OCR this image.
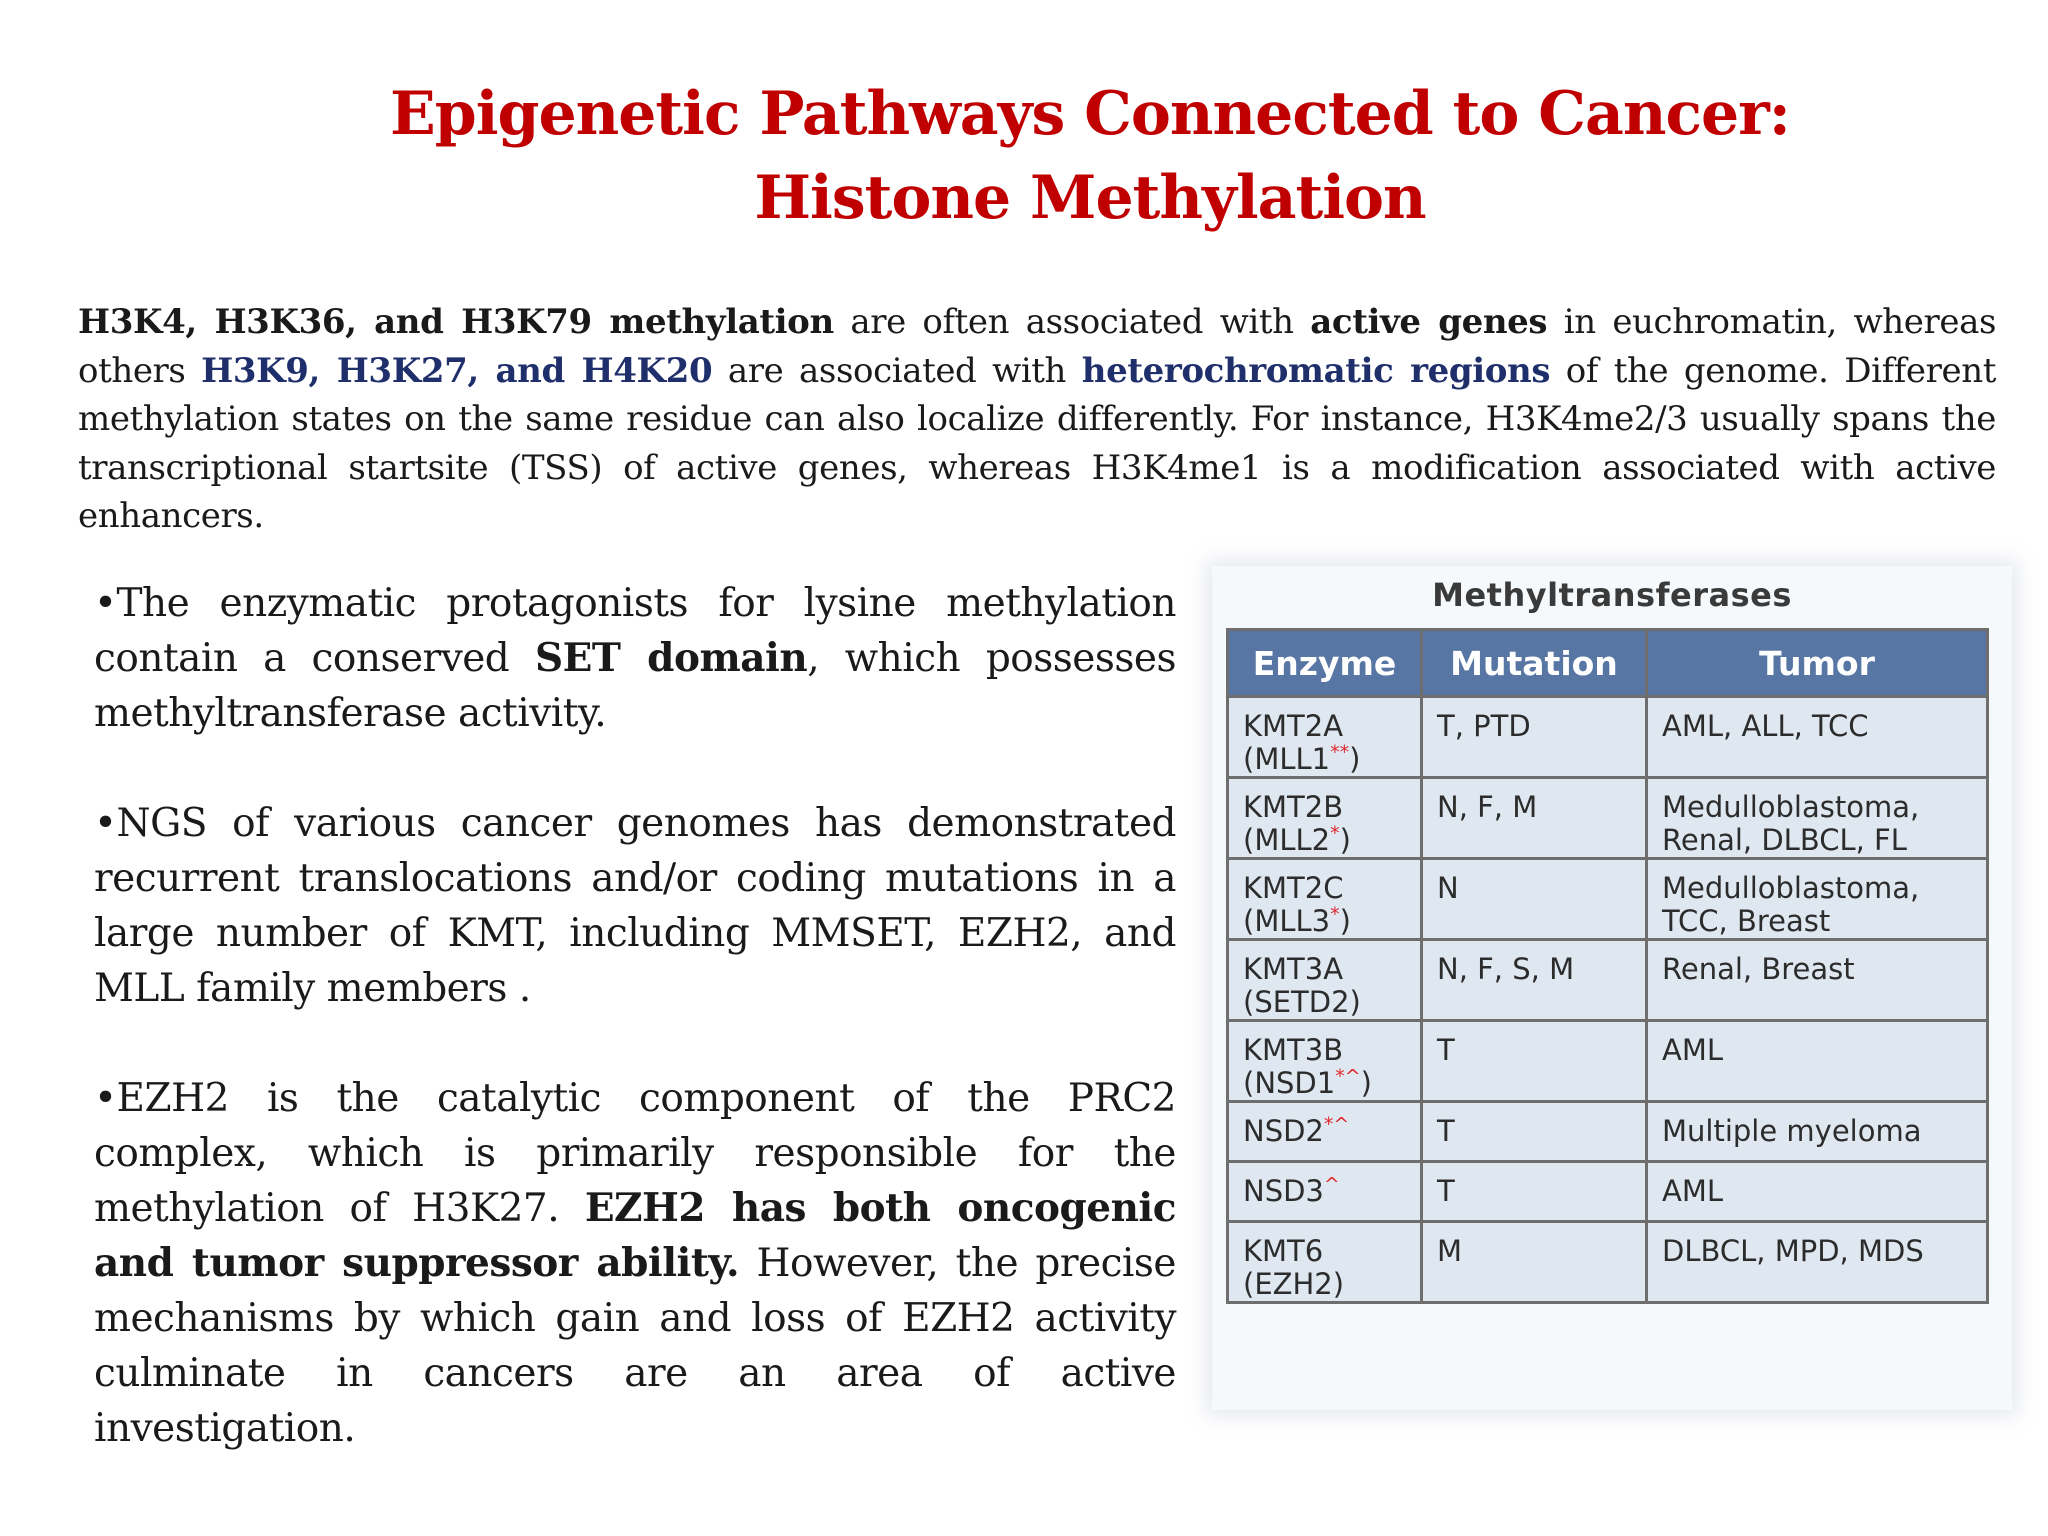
Epigenetic Pathways Connected to Cancer:
Histone Methylation
H3K4, H3K36, and H3K79 methylation are often associated with active genes in euchromatin, whereas others H3K9, H3K27, and H4K20 are associated with heterochromatic regions of the genome. Different methylation states on the same residue can also localize differently. For instance, H3K4me2/3 usually spans the transcriptional startsite (TSS) of active genes, whereas H3K4me1 is a modification associated with active enhancers.

•The enzymatic protagonists for lysine methylation contain a conserved SET domain, which possesses methyltransferase activity.

•NGS of various cancer genomes has demonstrated recurrent translocations and/or coding mutations in a large number of KMT, including MMSET, EZH2, and MLL family members .

•EZH2 is the catalytic component of the PRC2 complex, which is primarily responsible for the methylation of H3K27. EZH2 has both oncogenic and tumor suppressor ability. However, the precise mechanisms by which gain and loss of EZH2 activity culminate in cancers are an area of active investigation.

Methyltransferases
Enzyme	Mutation	Tumor

KMT2A
(MLL1**)	T, PTD	AML, ALL, TCC

KMT2B
(MLL2*)	N, F, M	Medulloblastoma,
Renal, DLBCL, FL

KMT2C
(MLL3*)	N	Medulloblastoma,
TCC, Breast

KMT3A
(SETD2)	N, F, S, M	Renal, Breast

KMT3B
(NSD1*^)	T	AML

NSD2*^	T	Multiple myeloma

NSD3^	T	AML

KMT6
(EZH2)	M	DLBCL, MPD, MDS
